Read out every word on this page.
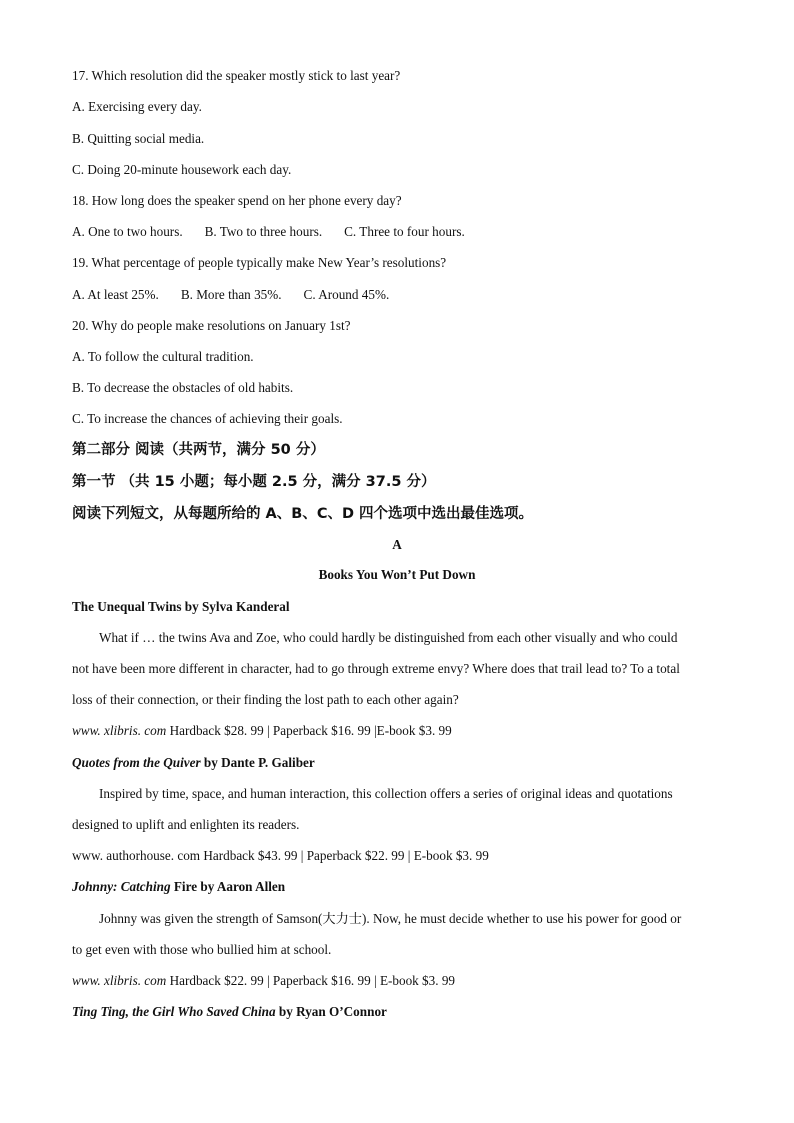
17. Which resolution did the speaker mostly stick to last year?
A. Exercising every day.
B. Quitting social media.
C. Doing 20-minute housework each day.
18. How long does the speaker spend on her phone every day?
A. One to two hours. B. Two to three hours. C. Three to four hours.
19. What percentage of people typically make New Year’s resolutions?
A. At least 25%. B. More than 35%. C. Around 45%.
20. Why do people make resolutions on January 1st?
A. To follow the cultural tradition.
B. To decrease the obstacles of old habits.
C. To increase the chances of achieving their goals.
第二部分 阅读（共两节，满分 50 分）
第一节 （共 15 小题；每小题 2.5 分，满分 37.5 分）
阅读下列短文，从每题所给的 A、B、C、D 四个选项中选出最佳选项。
A
Books You Won’t Put Down
The Unequal Twins by Sylva Kanderal
What if … the twins Ava and Zoe, who could hardly be distinguished from each other visually and who could
not have been more different in character, had to go through extreme envy? Where does that trail lead to? To a total
loss of their connection, or their finding the lost path to each other again?
www. xlibris. com Hardback $28. 99 | Paperback $16. 99 |E-book $3. 99
Quotes from the Quiver by Dante P. Galiber
Inspired by time, space, and human interaction, this collection offers a series of original ideas and quotations
designed to uplift and enlighten its readers.
www. authorhouse. com Hardback $43. 99 | Paperback $22. 99 | E-book $3. 99
Johnny: Catching Fire by Aaron Allen
Johnny was given the strength of Samson(大力士). Now, he must decide whether to use his power for good or
to get even with those who bullied him at school.
www. xlibris. com Hardback $22. 99 | Paperback $16. 99 | E-book $3. 99
Ting Ting, the Girl Who Saved China by Ryan O’Connor
